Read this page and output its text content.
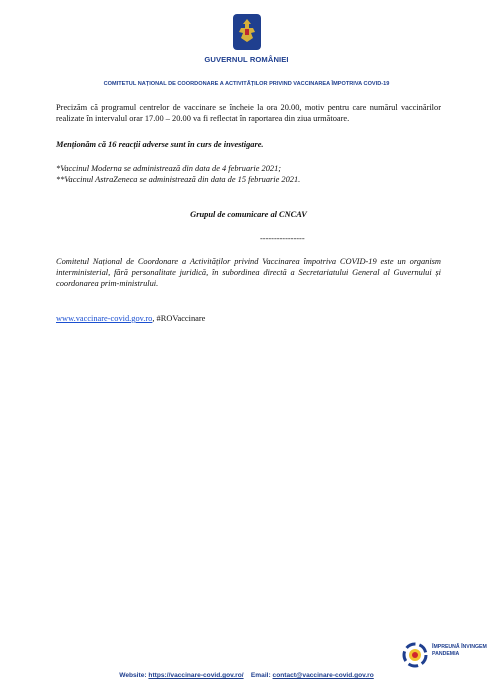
GUVERNUL ROMÂNIEI
COMITETUL NAȚIONAL DE COORDONARE A ACTIVITĂȚILOR PRIVIND VACCINAREA ÎMPOTRIVA COVID-19
Precizăm că programul centrelor de vaccinare se încheie la ora 20.00, motiv pentru care numărul vaccinărilor realizate în intervalul orar 17.00 – 20.00 va fi reflectat în raportarea din ziua următoare.
Menționăm că 16 reacții adverse sunt în curs de investigare.
*Vaccinul Moderna se administrează din data de 4 februarie 2021;
**Vaccinul AstraZeneca se administrează din data de 15 februarie 2021.
Grupul de comunicare al CNCAV
----------------
Comitetul Național de Coordonare a Activităților privind Vaccinarea împotriva COVID-19 este un organism interministerial, fără personalitate juridică, în subordinea directă a Secretariatului General al Guvernului și coordonarea prim-ministrului.
www.vaccinare-covid.gov.ro, #ROVaccinare
ÎMPREUNĂ ÎNVINGEM PANDEMIA
Website: https://vaccinare-covid.gov.ro/ Email: contact@vaccinare-covid.gov.ro
